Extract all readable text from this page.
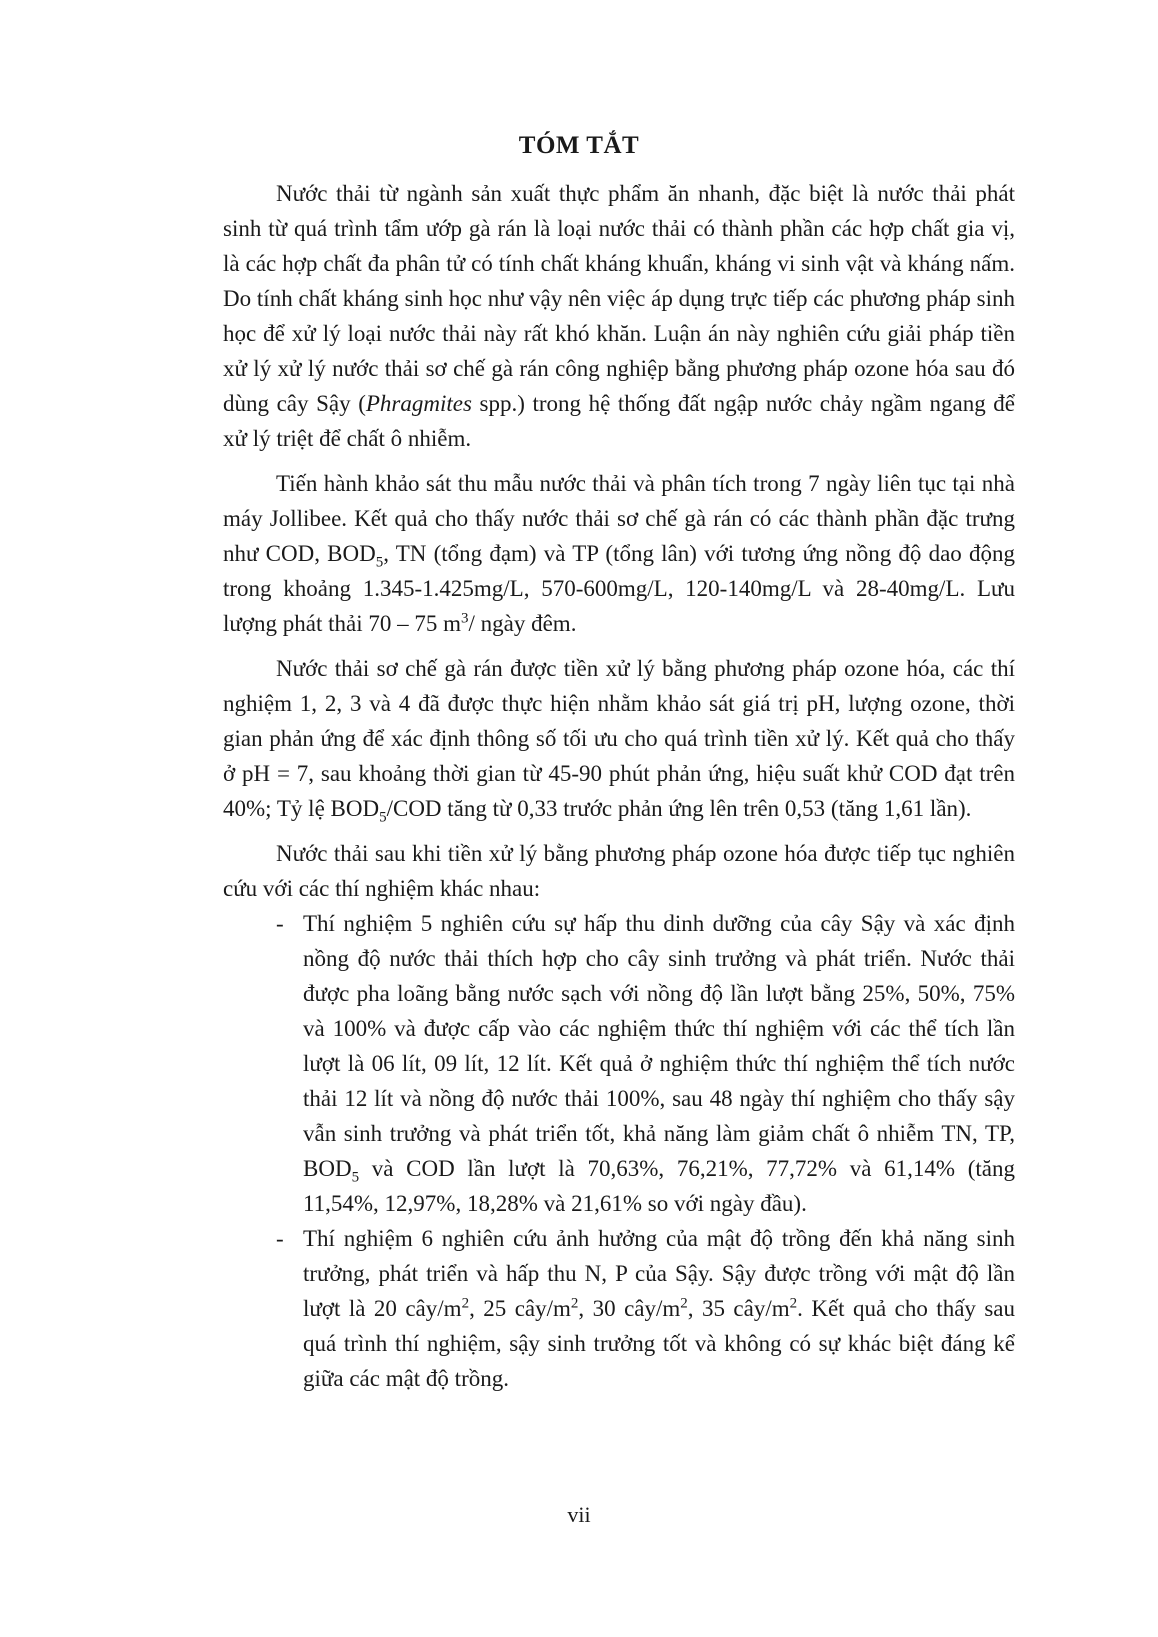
TÓM TẮT

Nước thải từ ngành sản xuất thực phẩm ăn nhanh, đặc biệt là nước thải phát sinh từ quá trình tẩm ướp gà rán là loại nước thải có thành phần các hợp chất gia vị, là các hợp chất đa phân tử có tính chất kháng khuẩn, kháng vi sinh vật và kháng nấm. Do tính chất kháng sinh học như vậy nên việc áp dụng trực tiếp các phương pháp sinh học để xử lý loại nước thải này rất khó khăn. Luận án này nghiên cứu giải pháp tiền xử lý xử lý nước thải sơ chế gà rán công nghiệp bằng phương pháp ozone hóa sau đó dùng cây Sậy (Phragmites spp.) trong hệ thống đất ngập nước chảy ngầm ngang để xử lý triệt để chất ô nhiễm.

Tiến hành khảo sát thu mẫu nước thải và phân tích trong 7 ngày liên tục tại nhà máy Jollibee. Kết quả cho thấy nước thải sơ chế gà rán có các thành phần đặc trưng như COD, $BOD_5$, TN (tổng đạm) và TP (tổng lân) với tương ứng nồng độ dao động trong khoảng 1.345-1.425mg/L, 570-600mg/L, 120-140mg/L và 28-40mg/L. Lưu lượng phát thải 70 – 75 $m^3/$ ngày đêm.

Nước thải sơ chế gà rán được tiền xử lý bằng phương pháp ozone hóa, các thí nghiệm 1, 2, 3 và 4 đã được thực hiện nhằm khảo sát giá trị pH, lượng ozone, thời gian phản ứng để xác định thông số tối ưu cho quá trình tiền xử lý. Kết quả cho thấy ở pH = 7, sau khoảng thời gian từ 45-90 phút phản ứng, hiệu suất khử COD đạt trên 40%; Tỷ lệ $BOD_5$/COD tăng từ 0,33 trước phản ứng lên trên 0,53 (tăng 1,61 lần).

Nước thải sau khi tiền xử lý bằng phương pháp ozone hóa được tiếp tục nghiên cứu với các thí nghiệm khác nhau:

- Thí nghiệm 5 nghiên cứu sự hấp thu dinh dưỡng của cây Sậy và xác định nồng độ nước thải thích hợp cho cây sinh trưởng và phát triển. Nước thải được pha loãng bằng nước sạch với nồng độ lần lượt bằng 25%, 50%, 75% và 100% và được cấp vào các nghiệm thức thí nghiệm với các thể tích lần lượt là 06 lít, 09 lít, 12 lít. Kết quả ở nghiệm thức thí nghiệm thể tích nước thải 12 lít và nồng độ nước thải 100%, sau 48 ngày thí nghiệm cho thấy sậy vẫn sinh trưởng và phát triển tốt, khả năng làm giảm chất ô nhiễm TN, TP, $BOD_5$ và COD lần lượt là 70,63%, 76,21%, 77,72% và 61,14% (tăng 11,54%, 12,97%, 18,28% và 21,61% so với ngày đầu).
- Thí nghiệm 6 nghiên cứu ảnh hưởng của mật độ trồng đến khả năng sinh trưởng, phát triển và hấp thu N, P của Sậy. Sậy được trồng với mật độ lần lượt là 20 cây/$m^2$, 25 cây/$m^2$, 30 cây/$m^2$, 35 cây/$m^2$. Kết quả cho thấy sau quá trình thí nghiệm, sậy sinh trưởng tốt và không có sự khác biệt đáng kể giữa các mật độ trồng.
vii
